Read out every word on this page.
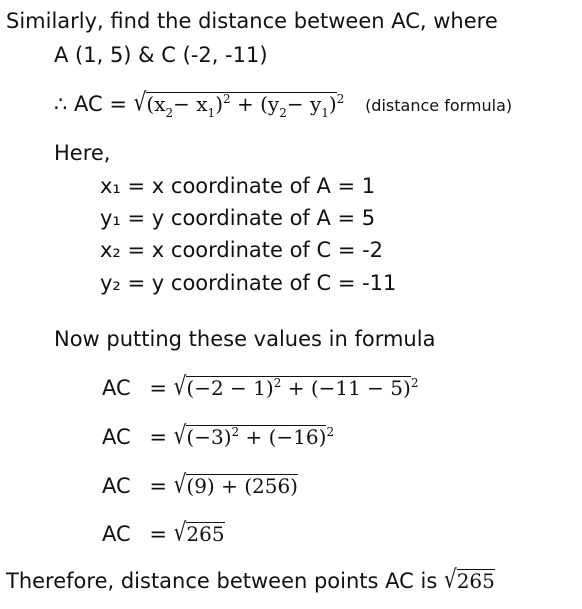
Similarly, find the distance between AC, where
A (1, 5) & C (-2, -11)
∴ AC = $√(x_2- x_1)^2 + (y_2- y_1)^2$ (distance formula)
Here,
x₁ = x coordinate of A = 1
y₁ = y coordinate of A = 5
x₂ = x coordinate of C = -2
y₂ = y coordinate of C = -11
Now putting these values in formula
AC = $√(-2 - 1)^2 + (-11 - 5)^2$
AC = $√(-3)^2 + (-16)^2$
AC = √(9) + (256)
AC = √265
Therefore, distance between points AC is √265
